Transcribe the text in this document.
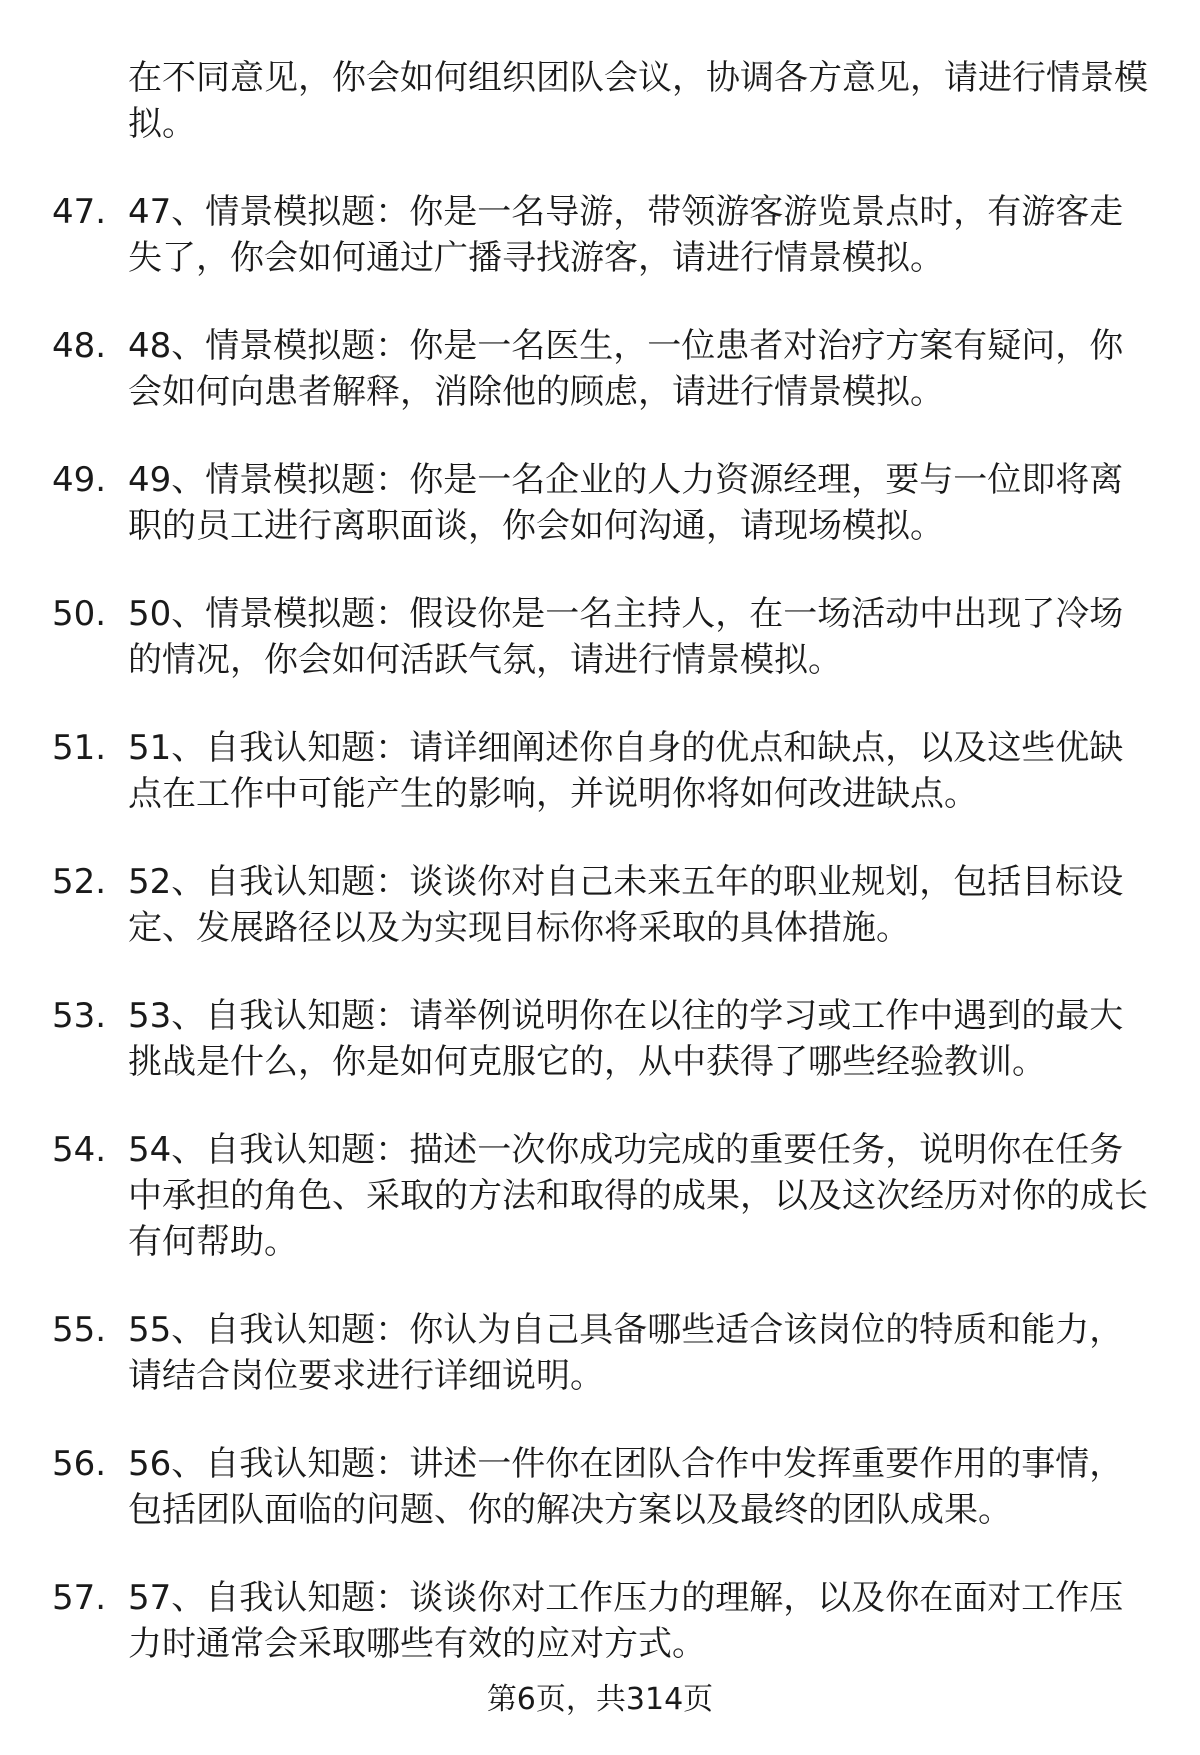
在不同意见，你会如何组织团队会议，协调各方意见，请进行情景模拟。
47. 47、情景模拟题：你是一名导游，带领游客游览景点时，有游客走失了，你会如何通过广播寻找游客，请进行情景模拟。
48. 48、情景模拟题：你是一名医生，一位患者对治疗方案有疑问，你会如何向患者解释，消除他的顾虑，请进行情景模拟。
49. 49、情景模拟题：你是一名企业的人力资源经理，要与一位即将离职的员工进行离职面谈，你会如何沟通，请现场模拟。
50. 50、情景模拟题：假设你是一名主持人，在一场活动中出现了冷场的情况，你会如何活跃气氛，请进行情景模拟。
51. 51、自我认知题：请详细阐述你自身的优点和缺点，以及这些优缺点在工作中可能产生的影响，并说明你将如何改进缺点。
52. 52、自我认知题：谈谈你对自己未来五年的职业规划，包括目标设定、发展路径以及为实现目标你将采取的具体措施。
53. 53、自我认知题：请举例说明你在以往的学习或工作中遇到的最大挑战是什么，你是如何克服它的，从中获得了哪些经验教训。
54. 54、自我认知题：描述一次你成功完成的重要任务，说明你在任务中承担的角色、采取的方法和取得的成果，以及这次经历对你的成长有何帮助。
55. 55、自我认知题：你认为自己具备哪些适合该岗位的特质和能力，请结合岗位要求进行详细说明。
56. 56、自我认知题：讲述一件你在团队合作中发挥重要作用的事情，包括团队面临的问题、你的解决方案以及最终的团队成果。
57. 57、自我认知题：谈谈你对工作压力的理解，以及你在面对工作压力时通常会采取哪些有效的应对方式。
第6页，共314页
